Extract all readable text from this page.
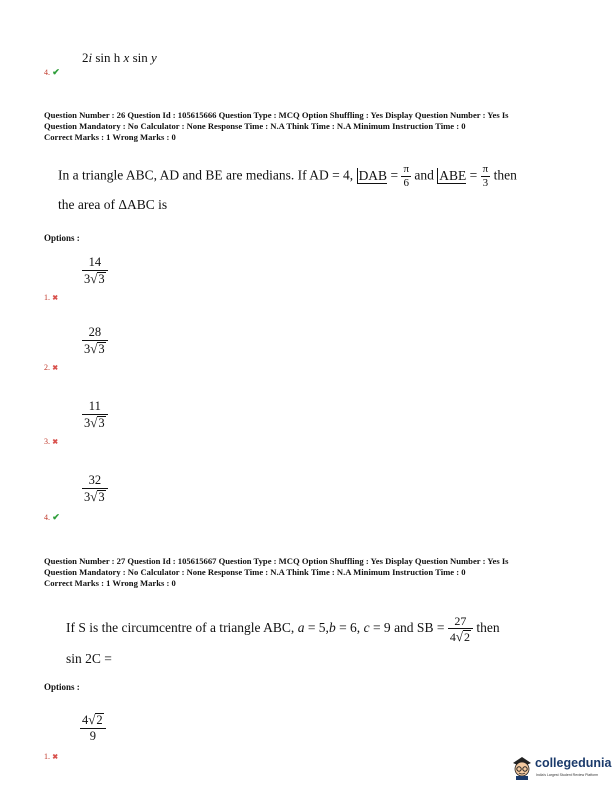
2i sin h x sin y
4. ✔
Question Number : 26 Question Id : 105615666 Question Type : MCQ Option Shuffling : Yes Display Question Number : Yes Is
Question Mandatory : No Calculator : None Response Time : N.A Think Time : N.A Minimum Instruction Time : 0
Correct Marks : 1 Wrong Marks : 0
In a triangle ABC, AD and BE are medians. If AD = 4, DAB = $\frac{\pi}{6}$ and ABE = $\frac{\pi}{3}$ then
the area of ΔABC is
Options :
$\frac{14}{3√3}$
1. ✖
$\frac{28}{3√3}$
2. ✖
$\frac{11}{3√3}$
3. ✖
$\frac{32}{3√3}$
4. ✔
Question Number : 27 Question Id : 105615667 Question Type : MCQ Option Shuffling : Yes Display Question Number : Yes Is
Question Mandatory : No Calculator : None Response Time : N.A Think Time : N.A Minimum Instruction Time : 0
Correct Marks : 1 Wrong Marks : 0
If S is the circumcentre of a triangle ABC, a = 5,b = 6, c = 9 and SB = $\frac{27}{4√2}$ then
sin 2C =
Options :
$\frac{4√2}{9}$
1. ✖	collegedunia
India's Largest Student Review Platform
